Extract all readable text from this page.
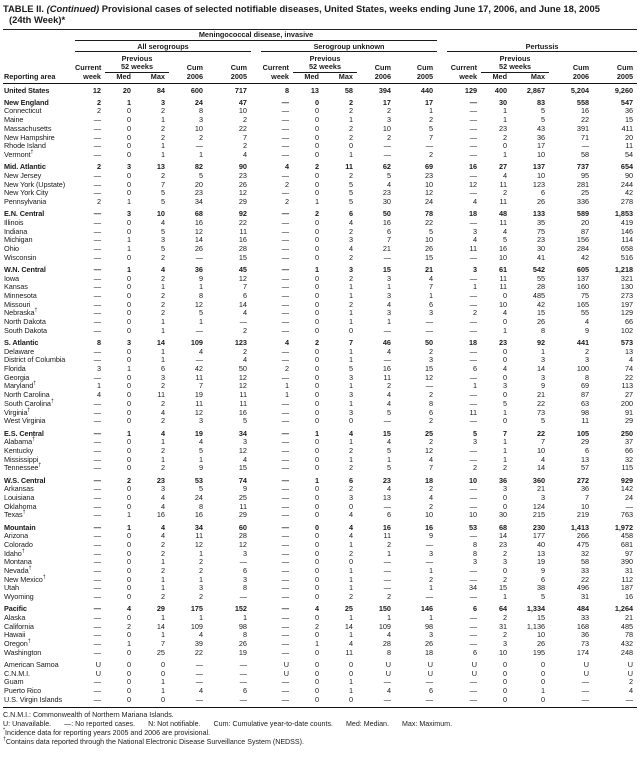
TABLE II. (Continued) Provisional cases of selected notifiable diseases, United States, weeks ending June 17, 2006, and June 18, 2005
(24th Week)*
	Meningococcal disease, invasive																
	All serogroups						Serogroup unknown						Pertussis				
		Previous						Previous						Previous			
	Current	52 weeks		Cum	Cum		Current	52 weeks		Cum	Cum		Current	52 weeks		Cum	Cum
Reporting area	week	Med	Max	2006	2005		week	Med	Max	2006	2005		week	Med	Max	2006	2005
United States	12	20	84	600	717		8	13	58	394	440		129	400	2,867	5,204	9,260
New England	2	1	3	24	47		—	0	2	17	17		—	30	83	558	547
Connecticut	2	0	2	8	10		—	0	2	2	1		—	1	5	16	36
Maine	—	0	1	3	2		—	0	1	3	2		—	1	5	22	15
Massachusetts	—	0	2	10	22		—	0	2	10	5		—	23	43	391	411
New Hampshire	—	0	2	2	7		—	0	2	2	7		—	2	36	71	20
Rhode Island	—	0	1	—	2		—	0	0	—	—		—	0	17	—	11
Vermont†	—	0	1	1	4		—	0	1	—	2		—	1	10	58	54
Mid. Atlantic	2	3	13	82	90		4	2	11	62	69		16	27	137	737	654
New Jersey	—	0	2	5	23		—	0	2	5	23		—	4	10	95	90
New York (Upstate)	—	0	7	20	26		2	0	5	4	10		12	11	123	281	244
New York City	—	0	5	23	12		—	0	5	23	12		—	2	6	25	42
Pennsylvania	2	1	5	34	29		2	1	5	30	24		4	11	26	336	278
E.N. Central	—	3	10	68	92		—	2	6	50	78		18	48	133	589	1,853
Illinois	—	0	4	16	22		—	0	4	16	22		—	11	35	20	419
Indiana	—	0	5	12	11		—	0	2	6	5		3	4	75	87	146
Michigan	—	1	3	14	16		—	0	3	7	10		4	5	23	156	114
Ohio	—	1	5	26	28		—	0	4	21	26		11	16	30	284	658
Wisconsin	—	0	2	—	15		—	0	2	—	15		—	10	41	42	516
W.N. Central	—	1	4	36	45		—	1	3	15	21		3	61	542	605	1,218
Iowa	—	0	2	9	12		—	0	2	3	4		—	11	55	137	321
Kansas	—	0	1	1	7		—	0	1	1	7		1	11	28	160	130
Minnesota	—	0	2	8	6		—	0	1	3	1		—	0	485	75	273
Missouri	—	0	2	12	14		—	0	2	4	6		—	10	42	165	197
Nebraska†	—	0	2	5	4		—	0	1	3	3		2	4	15	55	129
North Dakota	—	0	1	1	—		—	0	1	1	—		—	0	26	4	66
South Dakota	—	0	1	—	2		—	0	0	—	—		—	1	8	9	102
S. Atlantic	8	3	14	109	123		4	2	7	46	50		18	23	92	441	573
Delaware	—	0	1	4	2		—	0	1	4	2		—	0	1	2	13
District of Columbia	—	0	1	—	4		—	0	1	—	3		—	0	3	3	4
Florida	3	1	6	42	50		2	0	5	16	15		6	4	14	100	74
Georgia	—	0	3	11	12		—	0	3	11	12		—	0	3	8	22
Maryland†	1	0	2	7	12		1	0	1	2	—		1	3	9	69	113
North Carolina	4	0	11	19	11		1	0	3	4	2		—	0	21	87	27
South Carolina†	—	0	2	11	11		—	0	1	4	8		—	5	22	63	200
Virginia†	—	0	4	12	16		—	0	3	5	6		11	1	73	98	91
West Virginia	—	0	2	3	5		—	0	0	—	2		—	0	5	11	29
E.S. Central	—	1	4	19	34		—	1	4	15	25		5	7	22	105	250
Alabama†	—	0	1	4	3		—	0	1	4	2		3	1	7	29	37
Kentucky	—	0	2	5	12		—	0	2	5	12		—	1	10	6	66
Mississippi	—	0	1	1	4		—	0	1	1	4		—	1	4	13	32
Tennessee†	—	0	2	9	15		—	0	2	5	7		2	2	14	57	115
W.S. Central	—	2	23	53	74		—	1	6	23	18		10	36	360	272	929
Arkansas	—	0	3	5	9		—	0	2	4	2		—	3	21	36	142
Louisiana	—	0	4	24	25		—	0	3	13	4		—	0	3	7	24
Oklahoma	—	0	4	8	11		—	0	0	—	2		—	0	124	10	—
Texas†	—	1	16	16	29		—	0	4	6	10		10	30	215	219	763
Mountain	—	1	4	34	60		—	0	4	16	16		53	68	230	1,413	1,972
Arizona	—	0	4	11	28		—	0	4	11	9		—	14	177	266	458
Colorado	—	0	2	12	12		—	0	1	2	—		8	23	40	475	681
Idaho†	—	0	2	1	3		—	0	2	1	3		8	2	13	32	97
Montana	—	0	1	2	—		—	0	0	—	—		3	3	19	58	390
Nevada†	—	0	2	2	6		—	0	1	—	1		—	0	9	33	31
New Mexico†	—	0	1	1	3		—	0	1	—	2		—	2	6	22	112
Utah	—	0	1	3	8		—	0	1	—	1		34	15	38	496	187
Wyoming	—	0	2	2	—		—	0	2	2	—		—	1	5	31	16
Pacific	—	4	29	175	152		—	4	25	150	146		6	64	1,334	484	1,264
Alaska	—	0	1	1	1		—	0	1	1	1		—	2	15	33	21
California	—	2	14	109	98		—	2	14	109	98		—	31	1,136	168	485
Hawaii	—	0	1	4	8		—	0	1	4	3		—	2	10	36	78
Oregon†	—	1	7	39	26		—	1	4	28	26		—	3	26	73	432
Washington	—	0	25	22	19		—	0	11	8	18		6	10	195	174	248
American Samoa	U	0	0	—	—		U	0	0	U	U		U	0	0	U	U
C.N.M.I.	U	0	0	—	—		U	0	0	U	U		U	0	0	U	U
Guam	—	0	1	—	—		—	0	1	—	—		—	0	0	—	2
Puerto Rico	—	0	1	4	6		—	0	1	4	6		—	0	1	—	4
U.S. Virgin Islands	—	0	0	—	—		—	0	0	—	—		—	0	0	—	—
C.N.M.I.: Commonwealth of Northern Mariana Islands.
U: Unavailable. —: No reported cases. N: Not notifiable. Cum: Cumulative year-to-date counts. Med: Median. Max: Maximum.
*Incidence data for reporting years 2005 and 2006 are provisional.
†Contains data reported through the National Electronic Disease Surveillance System (NEDSS).
